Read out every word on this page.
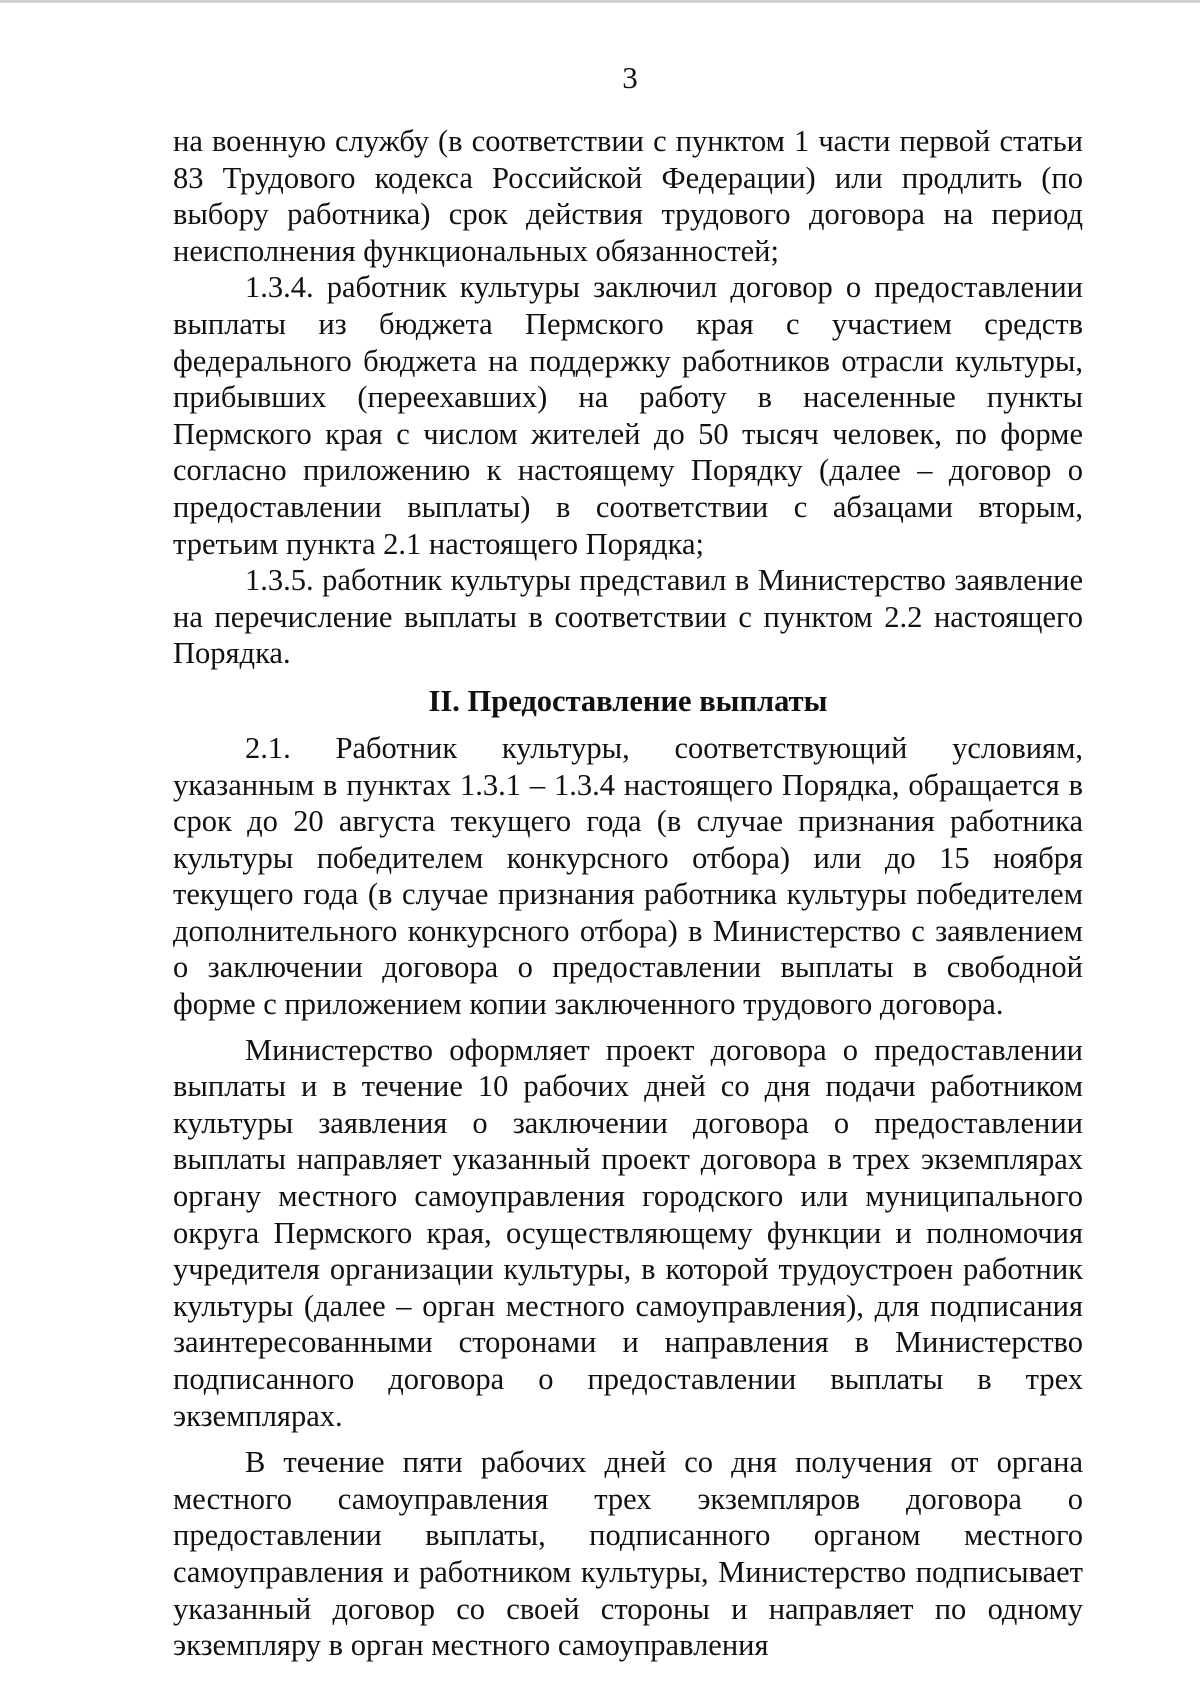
3

на военную службу (в соответствии с пунктом 1 части первой статьи 83 Трудового кодекса Российской Федерации) или продлить (по выбору работника) срок действия трудового договора на период неисполнения функциональных обязанностей;

1.3.4. работник культуры заключил договор о предоставлении выплаты из бюджета Пермского края с участием средств федерального бюджета на поддержку работников отрасли культуры, прибывших (переехавших) на работу в населенные пункты Пермского края с числом жителей до 50 тысяч человек, по форме согласно приложению к настоящему Порядку (далее – договор о предоставлении выплаты) в соответствии с абзацами вторым, третьим пункта 2.1 настоящего Порядка;

1.3.5. работник культуры представил в Министерство заявление на перечисление выплаты в соответствии с пунктом 2.2 настоящего Порядка.

II. Предоставление выплаты

2.1. Работник культуры, соответствующий условиям, указанным в пунктах 1.3.1 – 1.3.4 настоящего Порядка, обращается в срок до 20 августа текущего года (в случае признания работника культуры победителем конкурсного отбора) или до 15 ноября текущего года (в случае признания работника культуры победителем дополнительного конкурсного отбора) в Министерство с заявлением о заключении договора о предоставлении выплаты в свободной форме с приложением копии заключенного трудового договора.

Министерство оформляет проект договора о предоставлении выплаты и в течение 10 рабочих дней со дня подачи работником культуры заявления о заключении договора о предоставлении выплаты направляет указанный проект договора в трех экземплярах органу местного самоуправления городского или муниципального округа Пермского края, осуществляющему функции и полномочия учредителя организации культуры, в которой трудоустроен работник культуры (далее – орган местного самоуправления), для подписания заинтересованными сторонами и направления в Министерство подписанного договора о предоставлении выплаты в трех экземплярах.

В течение пяти рабочих дней со дня получения от органа местного самоуправления трех экземпляров договора о предоставлении выплаты, подписанного органом местного самоуправления и работником культуры, Министерство подписывает указанный договор со своей стороны и направляет по одному экземпляру в орган местного самоуправления
